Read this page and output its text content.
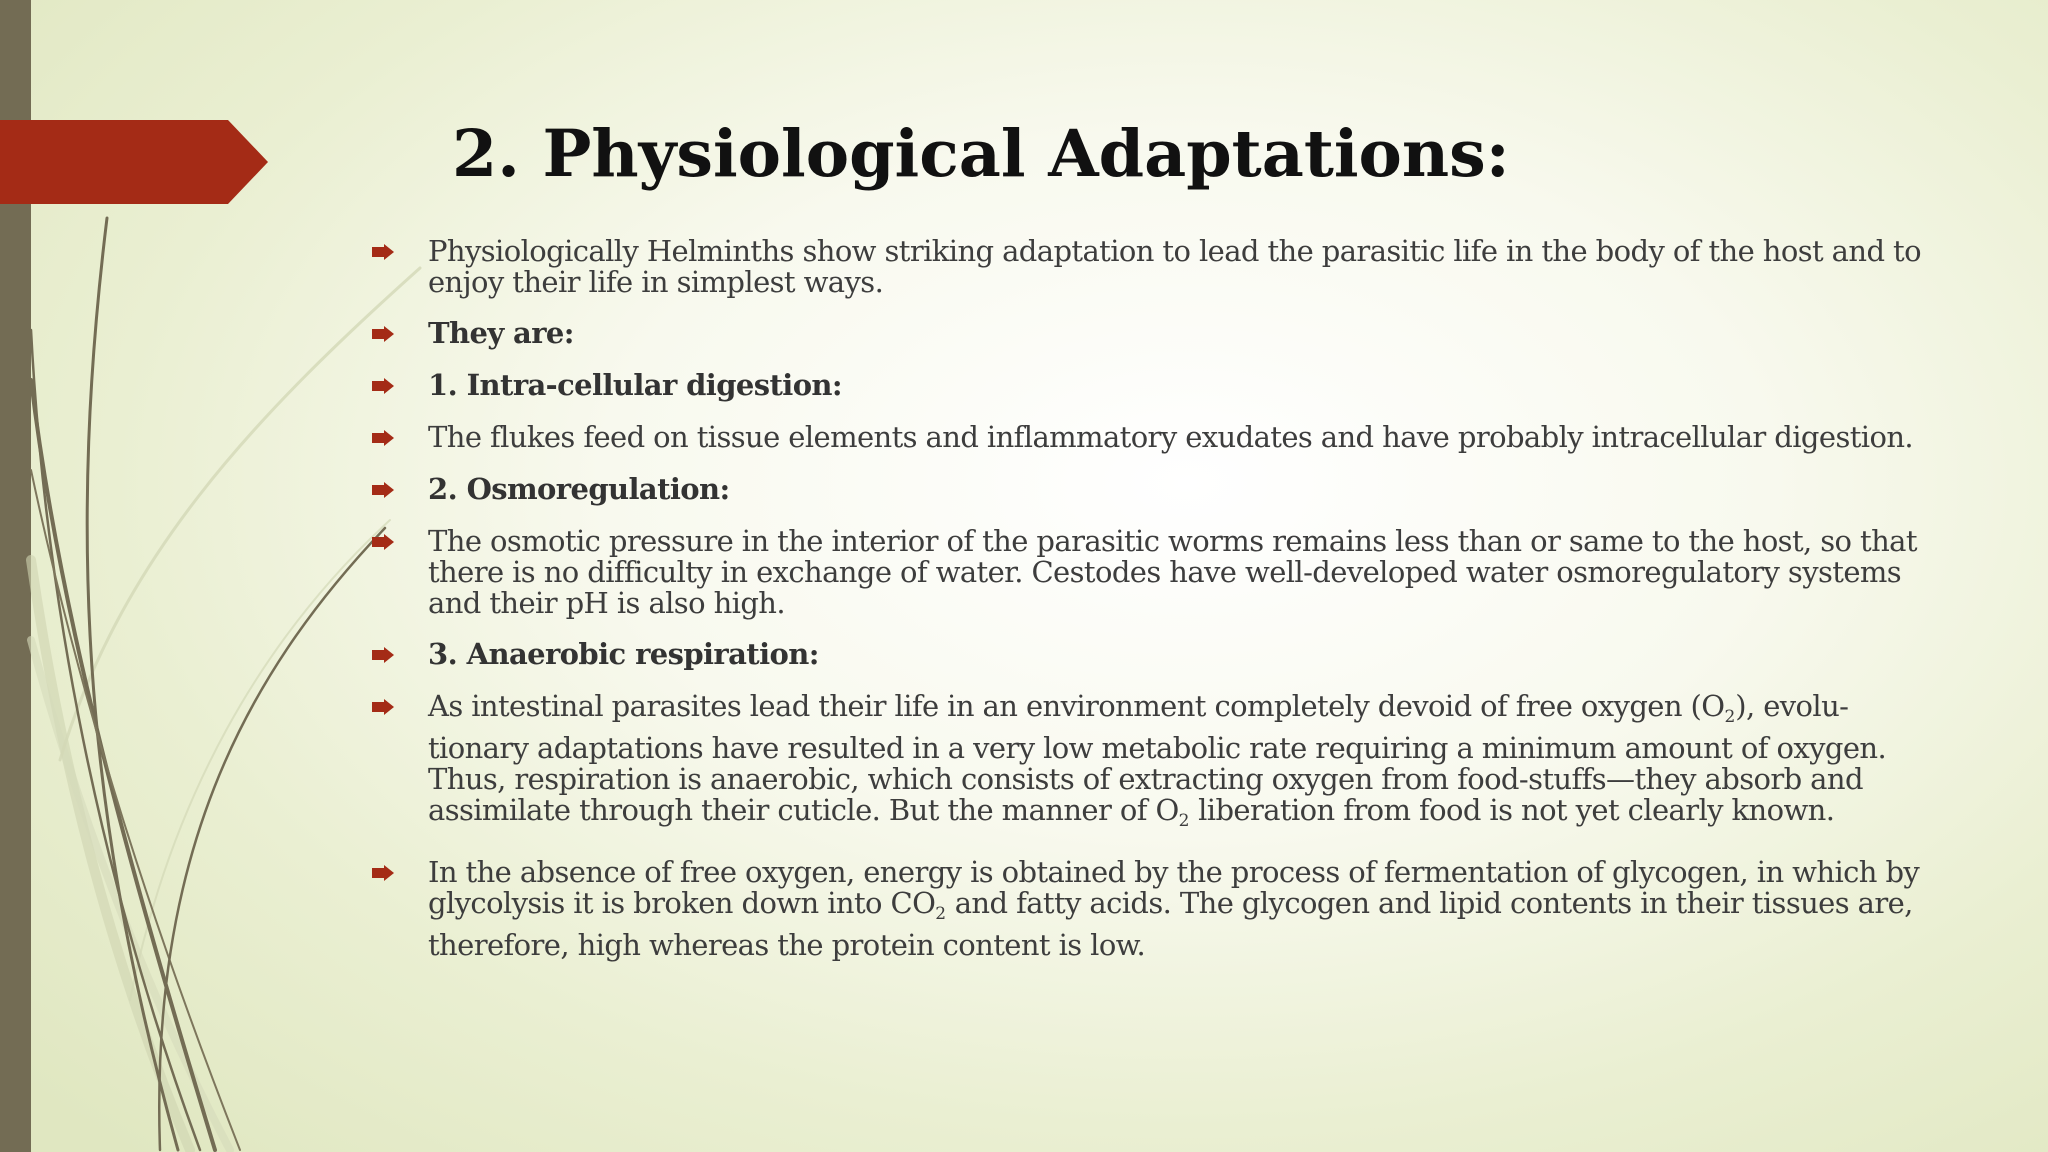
2. Physiological Adaptations:
Physiologically Helminths show striking adaptation to lead the parasitic life in the body of the host and to enjoy their life in simplest ways.
They are:
1. Intra-cellular digestion:
The flukes feed on tissue elements and inflammatory exudates and have probably intracellular digestion.
2. Osmoregulation:
The osmotic pressure in the interior of the parasitic worms remains less than or same to the host, so that there is no difficulty in exchange of water. Cestodes have well-developed water osmoregulatory systems and their pH is also high.
3. Anaerobic respiration:
As intestinal parasites lead their life in an environment completely devoid of free oxygen $(O_2)$, evolu-tionary adaptations have resulted in a very low metabolic rate requiring a minimum amount of oxygen. Thus, respiration is anaerobic, which consists of extracting oxygen from food-stuffs—they absorb and assimilate through their cuticle. But the manner of $O_2$ liberation from food is not yet clearly known.
In the absence of free oxygen, energy is obtained by the process of fermentation of glycogen, in which by glycolysis it is broken down into $CO_2$ and fatty acids. The glycogen and lipid contents in their tissues are, therefore, high whereas the protein content is low.
